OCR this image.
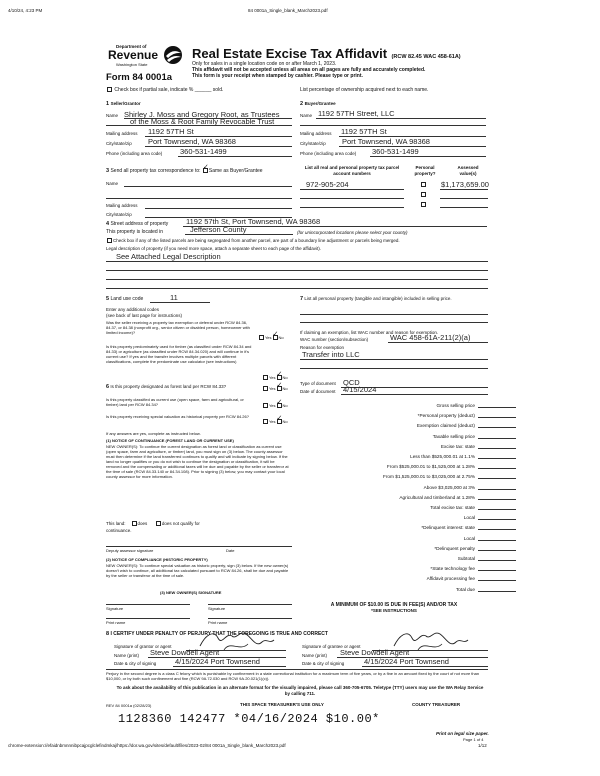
4/10/24, 4:23 PM	84 0001a_Single_blank_March2023.pdf
Department of
Revenue
Washington State
Form 84 0001a
Real Estate Excise Tax Affidavit (RCW 82.45 WAC 458-61A)
Only for sales in a single location code on or after March 1, 2023.
This affidavit will not be accepted unless all areas on all pages are fully and accurately completed.
This form is your receipt when stamped by cashier. Please type or print.
Check box if partial sale, indicate % ______ sold.	List percentage of ownership acquired next to each name.
1 Seller/Grantor
Name Shirley J. Moss and Gregory Root, as Trustees
of the Moss & Root Family Revocable Trust
Mailing address 1192 57TH St
City/state/zip Port Townsend, WA 98368
Phone (including area code) 360-531-1499
2 Buyer/Grantee
Name 1192 57TH Street, LLC
Mailing address 1192 57TH St
City/state/zip Port Townsend, WA 98368
Phone (including area code) 360-531-1499
3 Send all property tax correspondence to: ✓ Same as Buyer/Grantee
Name
Mailing address
City/state/zip
List all real and personal property tax parcel account numbers
Personal property?
Assessed value(s)
972-905-204	$1,173,659.00
4 Street address of property 1192 57th St, Port Townsend, WA 98368
This property is located in	Jefferson County	(for unincorporated locations please select your county)
Check box if any of the listed parcels are being segregated from another parcel, are part of a boundary line adjustment or parcels being merged.
Legal description of property (if you need more space, attach a separate sheet to each page of the affidavit).
See Attached Legal Description
5 Land use code	11
Enter any additional codes
(see back of last page for instructions)
Was the seller receiving a property tax exemption or deferral under RCW 84.36, 84.37, or 84.38 (nonprofit org., senior citizen or disabled person, homeowner with limited income)?
Yes ✓ No
Is this property predominately used for timber (as classified under RCW 84.34 and 84.33) or agriculture (as classified under RCW 84.34.020) and will continue in it's current use? If yes and the transfer involves multiple parcels with different classifications, complete the predominate use calculator (see instructions)
Yes ✓ No
6 Is this property designated as forest land per RCW 84.33?	Yes ✓ No
Is this property classified as current use (open space, farm and agricultural, or timber) land per RCW 84.34?	Yes ✓ No
Is this property receiving special valuation as historical property per RCW 84.26?
Yes ✓ No
If any answers are yes, complete as instructed below.
(1) NOTICE OF CONTINUANCE (FOREST LAND OR CURRENT USE)
NEW OWNER(S): To continue the current designation as forest land or classification as current use (open space, farm and agriculture, or timber) land, you must sign on (3) below. The county assessor must then determine if the land transferred continues to qualify and will indicate by signing below. If the land no longer qualifies or you do not wish to continue the designation or classification, it will be removed and the compensating or additional taxes will be due and payable by the seller or transferor at the time of sale (RCW 84.33.140 or 84.34.108). Prior to signing (3) below, you may contact your local county assessor for more information.
This land:	does	does not qualify for
continuance.
Deputy assessor signature	Date
(2) NOTICE OF COMPLIANCE (HISTORIC PROPERTY)
NEW OWNER(S): To continue special valuation as historic property, sign (3) below. If the new owner(s) doesn't wish to continue, all additional tax calculated pursuant to RCW 84.26, shall be due and payable by the seller or transferor at the time of sale.
(3) NEW OWNER(S) SIGNATURE
Signature	Signature
Print name	Print name
7 List all personal property (tangible and intangible) included in selling price.
If claiming an exemption, list WAC number and reason for exemption.
WAC number (section/subsection)	WAC 458-61A-211(2)(a)
Reason for exemption
Transfer into LLC
Type of document QCD
Date of document 4/15/2024
Gross selling price
*Personal property (deduct)
Exemption claimed (deduct)
Taxable selling price
Excise tax: state
Less than $525,000.01 at 1.1%
From $525,000.01 to $1,525,000 at 1.28%
From $1,525,000.01 to $3,025,000 at 2.75%
Above $3,025,000 at 3%
Agricultural and timberland at 1.28%
Total excise tax: state
Local
*Delinquent interest: state
Local
*Delinquent penalty
Subtotal
*State technology fee
Affidavit processing fee
Total due
A MINIMUM OF $10.00 IS DUE IN FEE(S) AND/OR TAX
*SEE INSTRUCTIONS
8 I CERTIFY UNDER PENALTY OF PERJURY THAT THE FOREGOING IS TRUE AND CORRECT
Signature of grantor or agent
Name (print) Steve Dowdell Agent
Date & city of signing 4/15/2024 Port Townsend
Signature of grantee or agent
Name (print) Steve Dowdell Agent
Date & city of signing	4/15/2024 Port Townsend
Perjury in the second degree is a class C felony which is punishable by confinement in a state correctional institution for a maximum term of five years, or by a fine in an amount fixed by the court of not more than $10,000, or by both such confinement and fine (RCW 9A.72.030 and RCW 9A.20.021(1)(c)).
To ask about the availability of this publication in an alternate format for the visually impaired, please call 360-705-6705. Teletype (TTY) users may use the WA Relay Service by calling 711.
REV 84 0001a (02/28/23)	THIS SPACE TREASURER'S USE ONLY	COUNTY TREASURER
1128360 142477 *04/16/2024 $10.00*
Print on legal size paper.
Page 1 of 4
chrome-extension://efaidnbmnnnibpcajpcglclefindmkaj/https://dor.wa.gov/sites/default/files/2023-02/84 0001a_Single_blank_March2023.pdf	1/12
